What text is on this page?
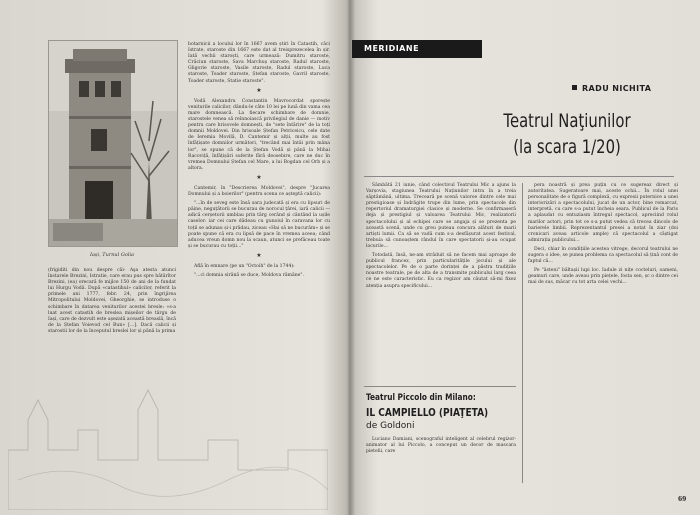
Iași, Turnul Golia

botarnicii a locului lor în 1667 avem știri în Catastih, câci Istrate, staroste din 1667 este dat al treisprezecelea în șir. Iată vechii staroști, care urmează: Dumitru staroste, Crăciun staroste, Sava Marchuș staroste, Radul staroste, Gligorie staroste, Vasile staroste, Radul staroste, Luca staroste, Toader staroste, Ștefan staroste, Gavril staroste, Toader staroste, Statie staroste".

★

Vodă Alexandru Constantin Mavrocordat sporește veniturile calicilor, dându-le câte 10 lei pe lună din vama cea mare domnească. La fiecare schimbare de domnie, starostele venea să reînnoiască privilegiul de danie — motiv pentru care hrisovele domnești, de "sete întărire" de la toți domnii Moldovei. Din hrisoale Ștefan Petriceicu, cele date de Ieremia Movilă, D. Cantemir și alții, multe au fost înfățișate domnilor următori, "trecând mai întâi prin mâna lor", se spune că de la Ștefan Vodă și până la Mihai Racoviță, înfățișări suferite fără deosebire, care ne duc în vremea Domnului Ștefan cel Mare, a lui Bogdan cel Orb și a altora.

★

Cantemir, în "Descrierea Moldovei", despre "Jucarea Domnului și a boierilor" (pentru scena ce așteptă calicii):

"...în de seveg este însă sara judecată și era cu lipsuri de pâine, neguțătorii se bucurau de norocul țărei, iară calicii — adică cerșetorii umblau prin târg cerând și cântând la ușile caselor: iar cei care dădeau cu gunoiul în caravana lor cu toții se adunau și-i prădau, ziceau «Hai să ne bucurăm» și se poate spune că era cu lipsă de pace în vremea aceea; când aducea vreun domn nou la scaun, atunci se prefăceau toate și se bucurau cu toții..."

★

Află în emnare (pe un "Octoih" de la 1744):

"...ci domnia sirână se duce, Moldova rămâne".

(frigiditi din nou despre căi- Aşa atesta atunci înstarele Brezini, Istratie, care erau pus spre hătărîtor Brezini, (ea) orecară fe mijlce 150 de ani de la fundat lui Hurgu Vodă. După «catastihul» calicilor, referit la primele ani 1777, febr. 24, prin îngrijirea Mitropolitului Moldovei, Gheorghie, se introduse o schimbare în datarea veniturilor acestei bresle: «s-a luat acest catastih de breslea mișeilor de târgu de Iași, care de dezvult este așezată această breaslă, încă de la Ștefan Voievod cel Bun» [...]. Dacă calicii și starostii lor de la începutul breslei lor și până la prima

MERIDIANE
RADU NICHITA
Teatrul Naţiunilor
(la scara 1/20)

Sâmbătă 21 iunie, când colectivul Teatrului Mic a ajuns la Varșovia, stagiunea Teatrului Națiunilor intra în a treia săptămână, ultima. Treceară pe scenă valoroe dintre cele mai prestigioase și îndrăgite trupe din lume, prin spectacole din repertoriul dramaturgiei clasice și moderne. Se confirmaseră deja și prestigiul și valoarea Teatrului Mic, realizatorii spectacolului și al echipei care se angaja și se prezenta pe această scenă, unde cu greu puteau concura alături de marii artiști lumii. Ca să se vadă cum s-a desfășurat acest festival, trebuia să cunoaștem rândul în care spectatorii și-au ocupat locurile...

Totodată, însă, ne-am străduit să ne facem mai aproape de publicul francez, prin particularitățile jocului și ale spectacolelor. Pe de o parte dorinței de a păstra tradițiile noastre teatrale, pe de alta de a transmite publicului larg ceea ce ne este caracteristic. Eu ca regizor am căutat să-mi fixez atenția asupra specificului...

pera noastră și prea puțin cu ce sugereaz direct și autoritatea. Sugeratoare mai, aceste ochii... În rolul unei personalitate de o figură complexă, cu expresii puternice a unei interiorizări a spectacolului, jucat de un actor, bine remarcat, interpretă, cu care s-a putut încheia seara. Publicul de la Paris a aplaudat cu entuziasm întregul spectacol, apreciind rolul marilor actori, prin tot ce s-a putut vedea că trecea dincolo de barierele limbii. Reprezentantul presei a notat în ziar (doi cronicari aveau articole ample) că spectacolul a câștigat admirația publicului...

Deci, chiar în condițiile acestea vitrege, decorul teatrului ne sugera o idee, se punea problema ca spectacolul să țină cont de faptul că...

Pe "ăsteni" băltașii lupi loc. Iadule zi nițe cocteluri, oameni, geamuri care, unde aveau prin piețele, fosta sen, șc o dintre cei mai de sus, măcar cu tot arta celei vechi...

Teatrul Piccolo din Milano:
IL CAMPIELLO (PIAŢETA)
de Goldoni

Luciano Damiani, scenograful inteligent al celebrul regizor-animator al lui Piccolo, a conceput un decor de mascara pietelii, care

69
